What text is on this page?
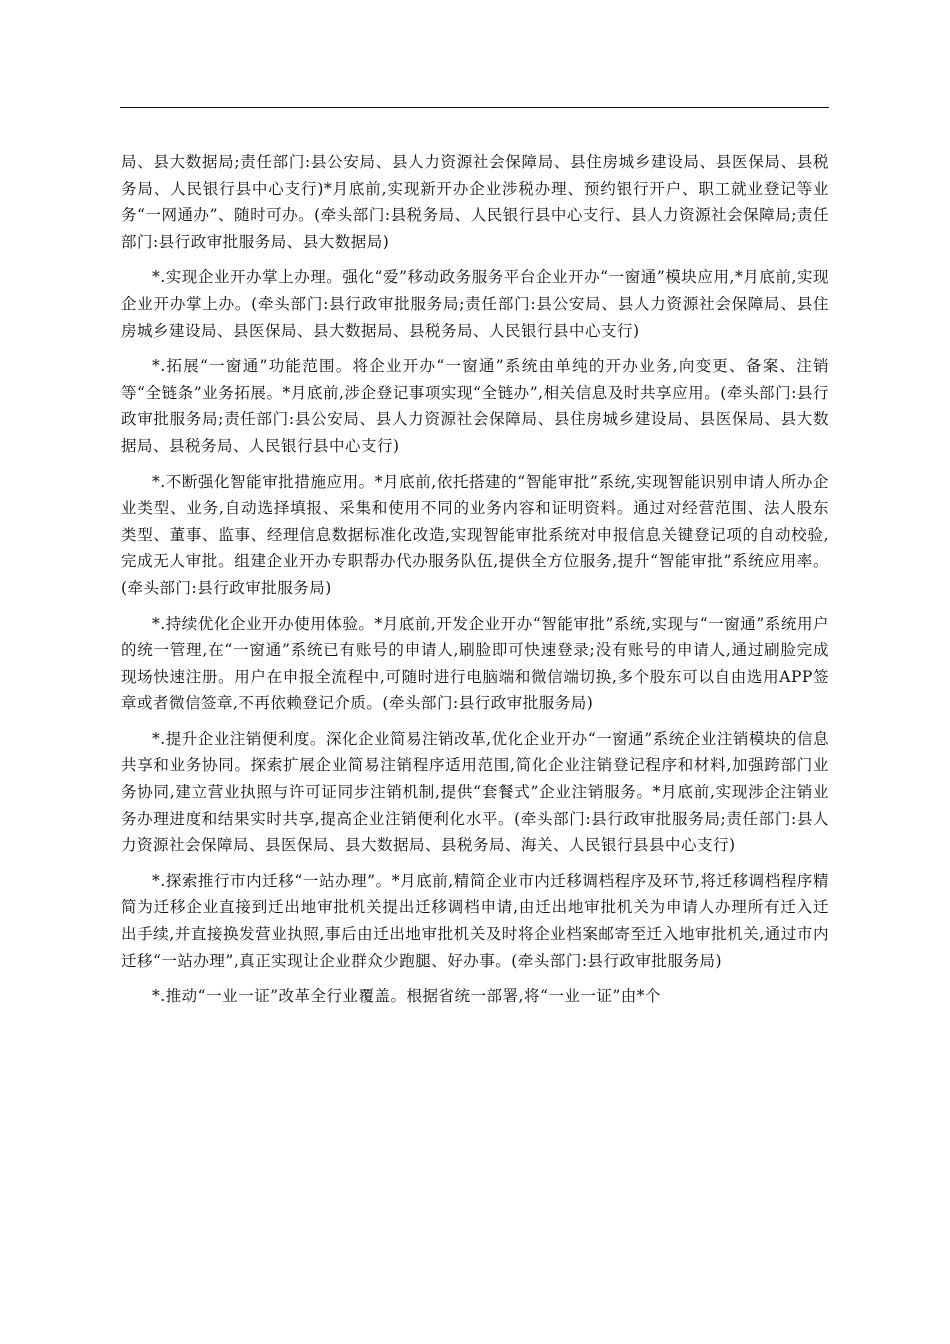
局、县大数据局;责任部门:县公安局、县人力资源社会保障局、县住房城乡建设局、县医保局、县税务局、人民银行县中心支行)*月底前,实现新开办企业涉税办理、预约银行开户、职工就业登记等业务“一网通办”、随时可办。(牵头部门:县税务局、人民银行县中心支行、县人力资源社会保障局;责任部门:县行政审批服务局、县大数据局)

*.实现企业开办掌上办理。强化“爱”移动政务服务平台企业开办“一窗通”模块应用,*月底前,实现企业开办掌上办。(牵头部门:县行政审批服务局;责任部门:县公安局、县人力资源社会保障局、县住房城乡建设局、县医保局、县大数据局、县税务局、人民银行县中心支行)

*.拓展“一窗通”功能范围。将企业开办“一窗通”系统由单纯的开办业务,向变更、备案、注销等“全链条”业务拓展。*月底前,涉企登记事项实现“全链办”,相关信息及时共享应用。(牵头部门:县行政审批服务局;责任部门:县公安局、县人力资源社会保障局、县住房城乡建设局、县医保局、县大数据局、县税务局、人民银行县中心支行)

*.不断强化智能审批措施应用。*月底前,依托搭建的“智能审批”系统,实现智能识别申请人所办企业类型、业务,自动选择填报、采集和使用不同的业务内容和证明资料。通过对经营范围、法人股东类型、董事、监事、经理信息数据标准化改造,实现智能审批系统对申报信息关键登记项的自动校验,完成无人审批。组建企业开办专职帮办代办服务队伍,提供全方位服务,提升“智能审批”系统应用率。(牵头部门:县行政审批服务局)

*.持续优化企业开办使用体验。*月底前,开发企业开办“智能审批”系统,实现与“一窗通”系统用户的统一管理,在“一窗通”系统已有账号的申请人,刷脸即可快速登录;没有账号的申请人,通过刷脸完成现场快速注册。用户在申报全流程中,可随时进行电脑端和微信端切换,多个股东可以自由选用APP签章或者微信签章,不再依赖登记介质。(牵头部门:县行政审批服务局)

*.提升企业注销便利度。深化企业简易注销改革,优化企业开办“一窗通”系统企业注销模块的信息共享和业务协同。探索扩展企业简易注销程序适用范围,简化企业注销登记程序和材料,加强跨部门业务协同,建立营业执照与许可证同步注销机制,提供“套餐式”企业注销服务。*月底前,实现涉企注销业务办理进度和结果实时共享,提高企业注销便利化水平。(牵头部门:县行政审批服务局;责任部门:县人力资源社会保障局、县医保局、县大数据局、县税务局、海关、人民银行县县中心支行)

*.探索推行市内迁移“一站办理”。*月底前,精简企业市内迁移调档程序及环节,将迁移调档程序精简为迁移企业直接到迁出地审批机关提出迁移调档申请,由迁出地审批机关为申请人办理所有迁入迁出手续,并直接换发营业执照,事后由迁出地审批机关及时将企业档案邮寄至迁入地审批机关,通过市内迁移“一站办理”,真正实现让企业群众少跑腿、好办事。(牵头部门:县行政审批服务局)

*.推动“一业一证”改革全行业覆盖。根据省统一部署,将“一业一证”由*个
